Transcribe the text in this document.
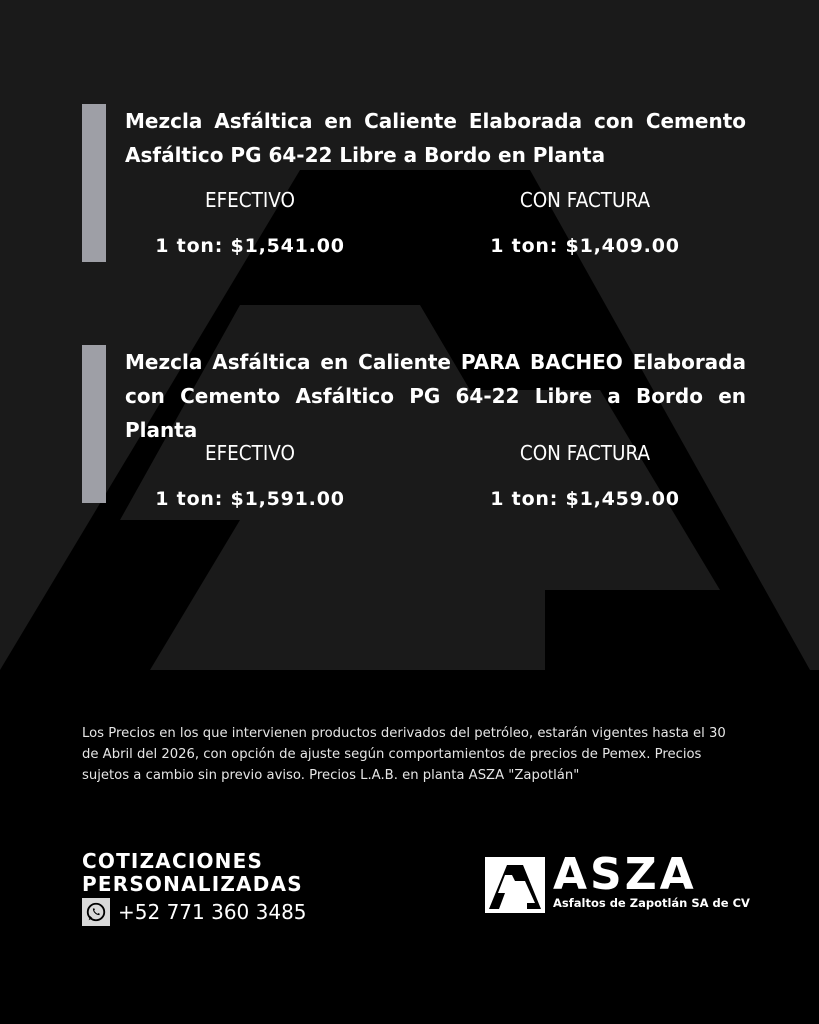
Mezcla Asfáltica en Caliente Elaborada con Cemento Asfáltico PG 64-22 Libre a Bordo en Planta
EFECTIVO	CON FACTURA
1 ton: $1,541.00	1 ton: $1,409.00
Mezcla Asfáltica en Caliente PARA BACHEO Elaborada con Cemento Asfáltico PG 64-22 Libre a Bordo en Planta
EFECTIVO	CON FACTURA
1 ton: $1,591.00	1 ton: $1,459.00
Los Precios en los que intervienen productos derivados del petróleo, estarán vigentes hasta el 30 de Abril del 2026, con opción de ajuste según comportamientos de precios de Pemex. Precios sujetos a cambio sin previo aviso. Precios L.A.B. en planta ASZA "Zapotlán"
COTIZACIONES
PERSONALIZADAS
+52 771 360 3485
ASZA
Asfaltos de Zapotlán SA de CV
